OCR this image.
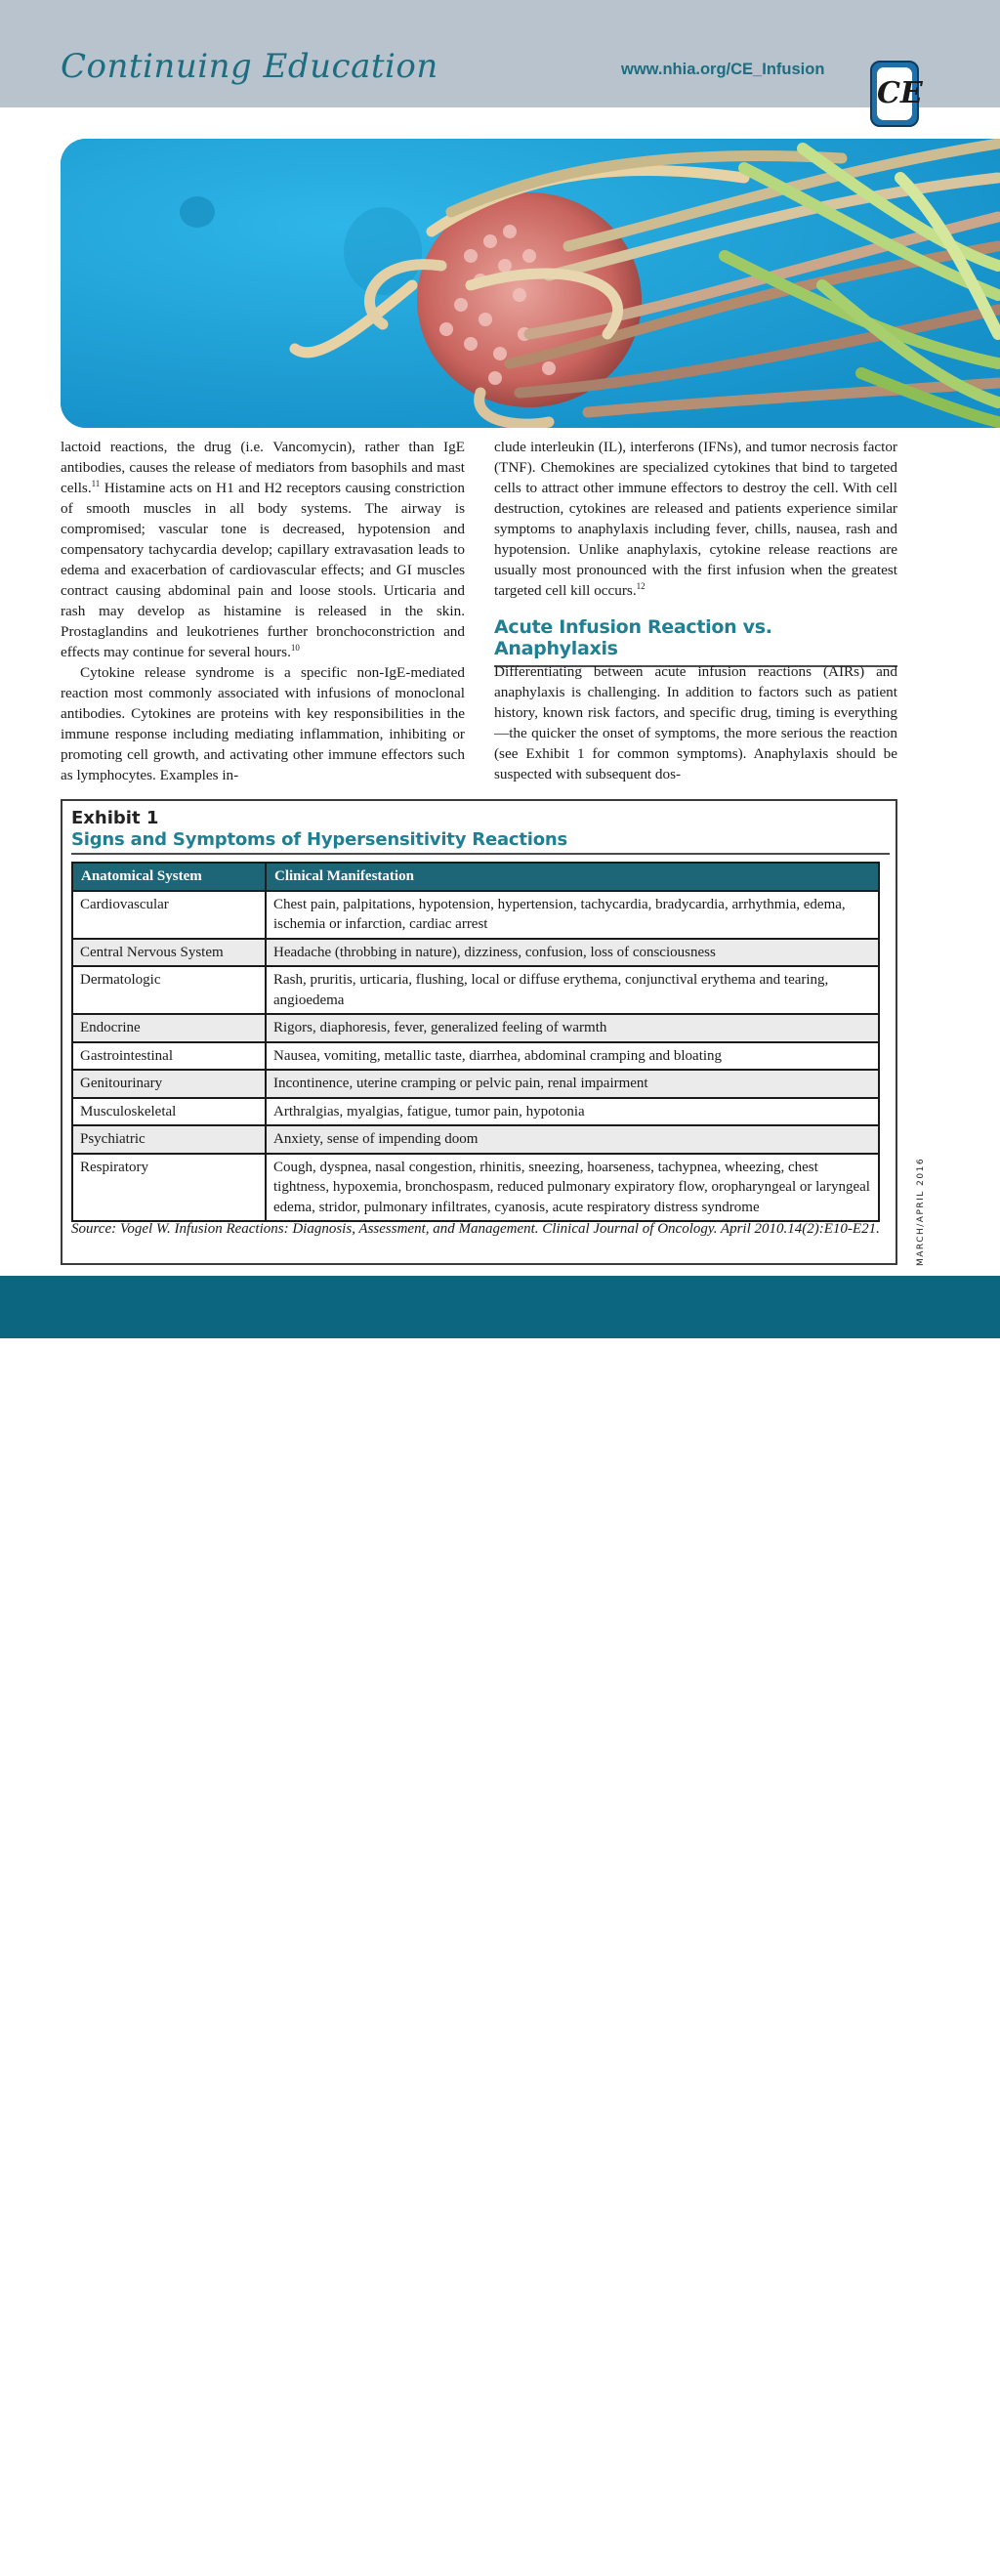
Continuing Education	www.nhia.org/CE_Infusion
CE

lactoid reactions, the drug (i.e. Vancomycin), rather than IgE antibodies, causes the release of mediators from basophils and mast cells.$^{11}$ Histamine acts on H1 and H2 receptors causing constriction of smooth muscles in all body systems. The airway is compromised; vascular tone is decreased, hypotension and compensatory tachycardia develop; capillary extravasation leads to edema and exacerbation of cardiovascular effects; and GI muscles contract causing abdominal pain and loose stools. Urticaria and rash may develop as histamine is released in the skin. Prostaglandins and leukotrienes further bronchoconstriction and effects may continue for several hours.$^{10}$

Cytokine release syndrome is a specific non-IgE-mediated reaction most commonly associated with infusions of monoclonal antibodies. Cytokines are proteins with key responsibilities in the immune response including mediating inflammation, inhibiting or promoting cell growth, and activating other immune effectors such as lymphocytes. Examples in-

clude interleukin (IL), interferons (IFNs), and tumor necrosis factor (TNF). Chemokines are specialized cytokines that bind to targeted cells to attract other immune effectors to destroy the cell. With cell destruction, cytokines are released and patients experience similar symptoms to anaphylaxis including fever, chills, nausea, rash and hypotension. Unlike anaphylaxis, cytokine release reactions are usually most pronounced with the first infusion when the greatest targeted cell kill occurs.$^{12}$

Acute Infusion Reaction vs. Anaphylaxis

Differentiating between acute infusion reactions (AIRs) and anaphylaxis is challenging. In addition to factors such as patient history, known risk factors, and specific drug, timing is everything—the quicker the onset of symptoms, the more serious the reaction (see Exhibit 1 for common symptoms). Anaphylaxis should be suspected with subsequent dos-

Exhibit 1
Signs and Symptoms of Hypersensitivity Reactions
Anatomical System	Clinical Manifestation
Cardiovascular	Chest pain, palpitations, hypotension, hypertension, tachycardia, bradycardia, arrhythmia, edema, ischemia or infarction, cardiac arrest
Central Nervous System	Headache (throbbing in nature), dizziness, confusion, loss of consciousness
Dermatologic	Rash, pruritis, urticaria, flushing, local or diffuse erythema, conjunctival erythema and tearing, angioedema
Endocrine	Rigors, diaphoresis, fever, generalized feeling of warmth
Gastrointestinal	Nausea, vomiting, metallic taste, diarrhea, abdominal cramping and bloating
Genitourinary	Incontinence, uterine cramping or pelvic pain, renal impairment
Musculoskeletal	Arthralgias, myalgias, fatigue, tumor pain, hypotonia
Psychiatric	Anxiety, sense of impending doom
Respiratory	Cough, dyspnea, nasal congestion, rhinitis, sneezing, hoarseness, tachypnea, wheezing, chest tightness, hypoxemia, bronchospasm, reduced pulmonary expiratory flow, oropharyngeal or laryngeal edema, stridor, pulmonary infiltrates, cyanosis, acute respiratory distress syndrome
Source: Vogel W. Infusion Reactions: Diagnosis, Assessment, and Management. Clinical Journal of Oncology. April 2010.14(2):E10-E21.	MARCH/APRIL 2016
27 INFUSION
